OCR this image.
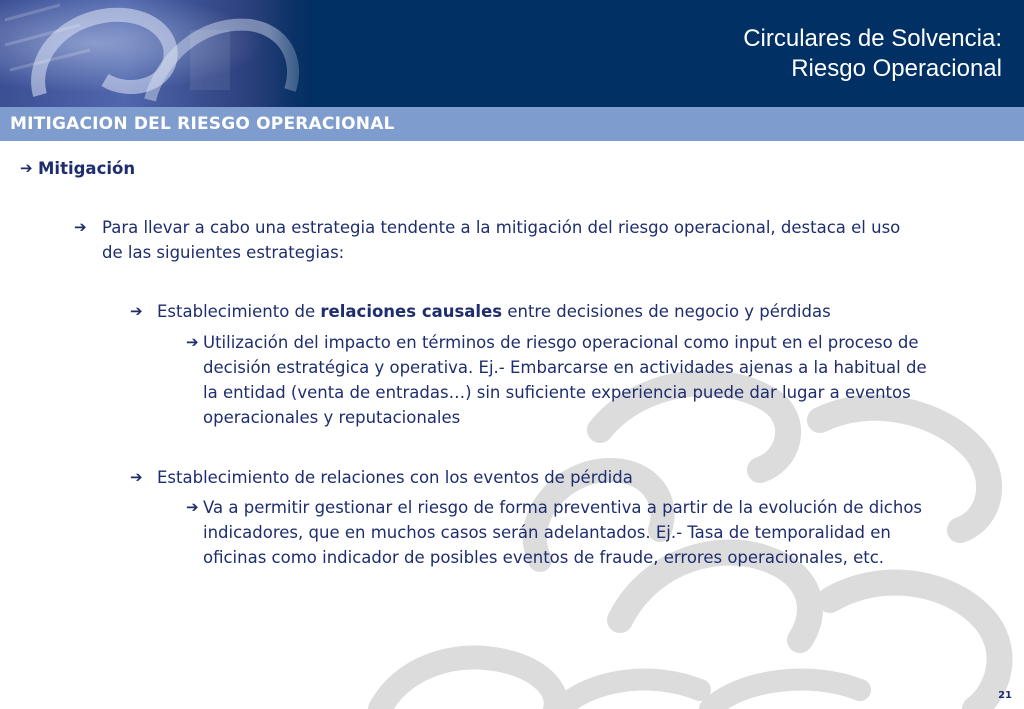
Circulares de Solvencia:
Riesgo Operacional
MITIGACION DEL RIESGO OPERACIONAL
➔ Mitigación
➔ Para llevar a cabo una estrategia tendente a la mitigación del riesgo operacional, destaca el uso
de las siguientes estrategias:
➔ Establecimiento de relaciones causales entre decisiones de negocio y pérdidas
➔ Utilización del impacto en términos de riesgo operacional como input en el proceso de
decisión estratégica y operativa. Ej.- Embarcarse en actividades ajenas a la habitual de
la entidad (venta de entradas…) sin suficiente experiencia puede dar lugar a eventos
operacionales y reputacionales
➔ Establecimiento de relaciones con los eventos de pérdida
➔ Va a permitir gestionar el riesgo de forma preventiva a partir de la evolución de dichos
indicadores, que en muchos casos serán adelantados. Ej.- Tasa de temporalidad en
oficinas como indicador de posibles eventos de fraude, errores operacionales, etc.
21
